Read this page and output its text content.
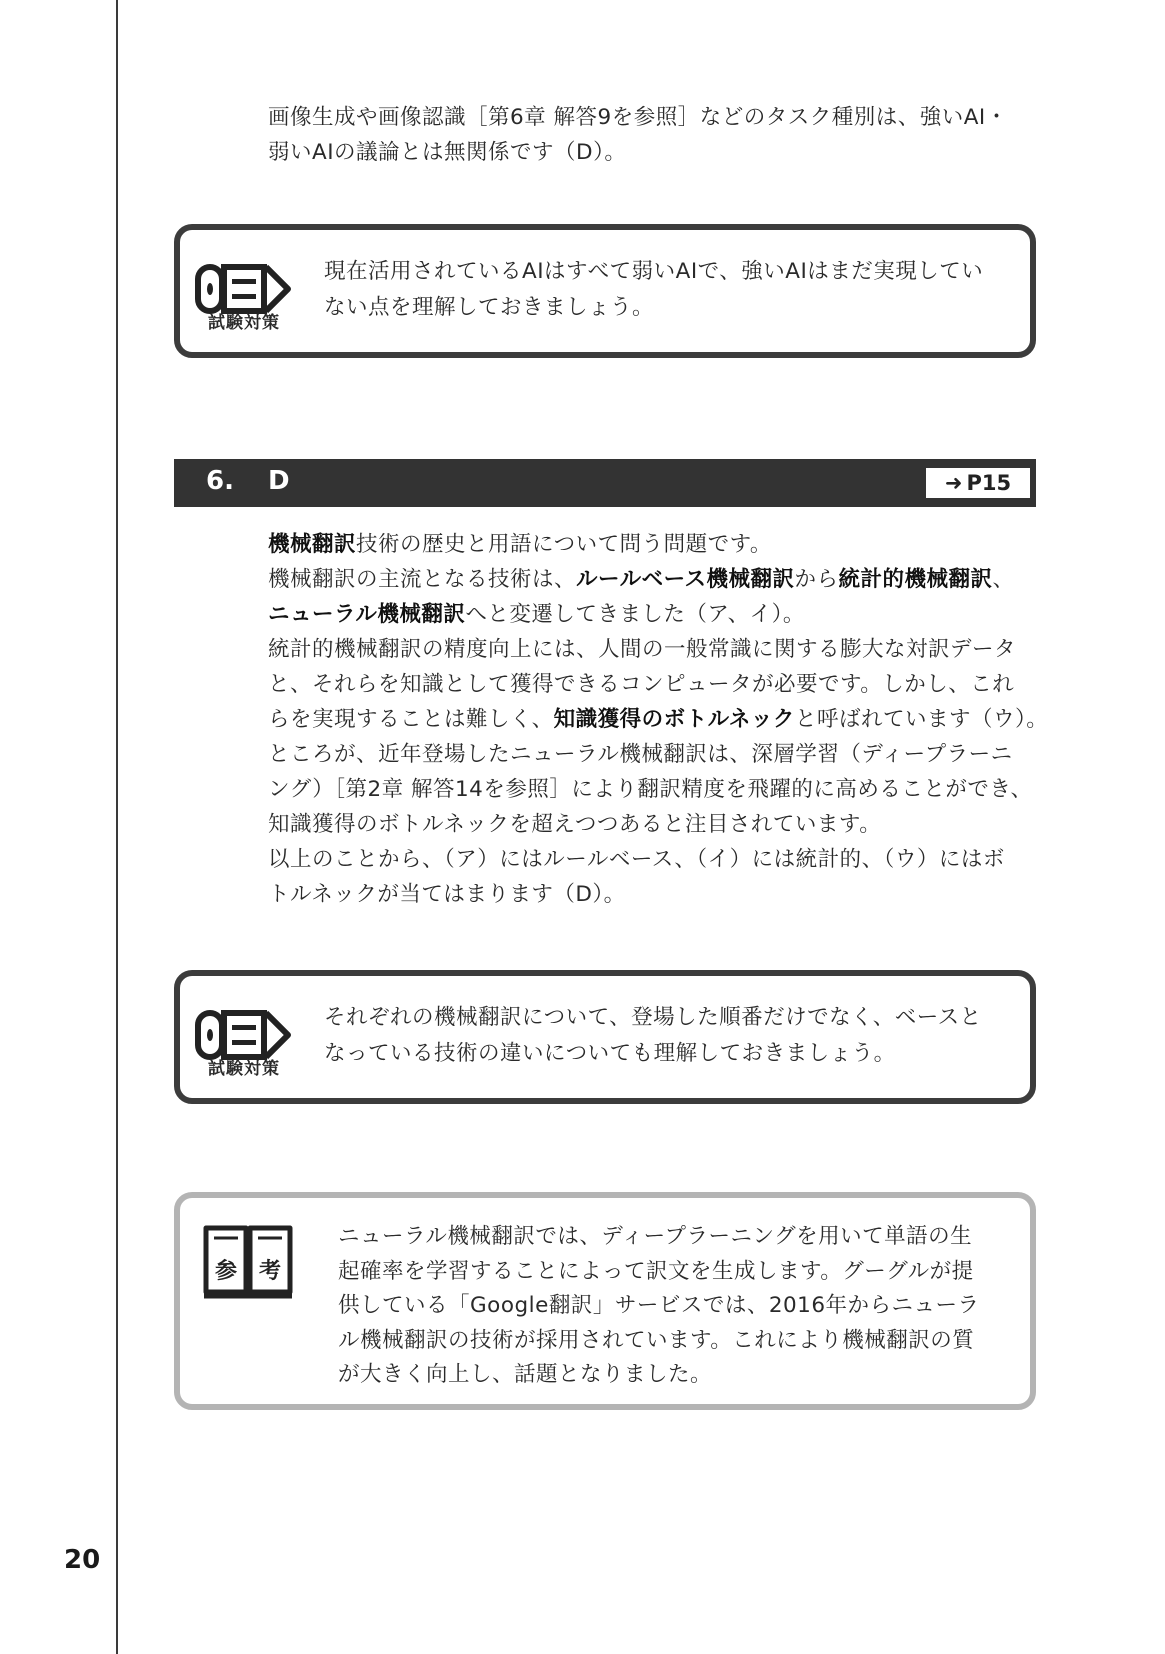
画像生成や画像認識［第6章 解答9を参照］などのタスク種別は、強いAI・
弱いAIの議論とは無関係です（D）。

試験対策

現在活用されているAIはすべて弱いAIで、強いAIはまだ実現してい
ない点を理解しておきましょう。

6. D	➜ P15

機械翻訳技術の歴史と用語について問う問題です。
機械翻訳の主流となる技術は、ルールベース機械翻訳から統計的機械翻訳、
ニューラル機械翻訳へと変遷してきました（ア、イ）。
統計的機械翻訳の精度向上には、人間の一般常識に関する膨大な対訳データ
と、それらを知識として獲得できるコンピュータが必要です。しかし、これ
らを実現することは難しく、知識獲得のボトルネックと呼ばれています（ウ）。
ところが、近年登場したニューラル機械翻訳は、深層学習（ディープラーニ
ング）［第2章 解答14を参照］により翻訳精度を飛躍的に高めることができ、
知識獲得のボトルネックを超えつつあると注目されています。
以上のことから、（ア）にはルールベース、（イ）には統計的、（ウ）にはボ
トルネックが当てはまります（D）。

試験対策

それぞれの機械翻訳について、登場した順番だけでなく、ベースと
なっている技術の違いについても理解しておきましょう。

参 考

ニューラル機械翻訳では、ディープラーニングを用いて単語の生
起確率を学習することによって訳文を生成します。グーグルが提
供している「Google翻訳」サービスでは、2016年からニューラ
ル機械翻訳の技術が採用されています。これにより機械翻訳の質
が大きく向上し、話題となりました。

20
